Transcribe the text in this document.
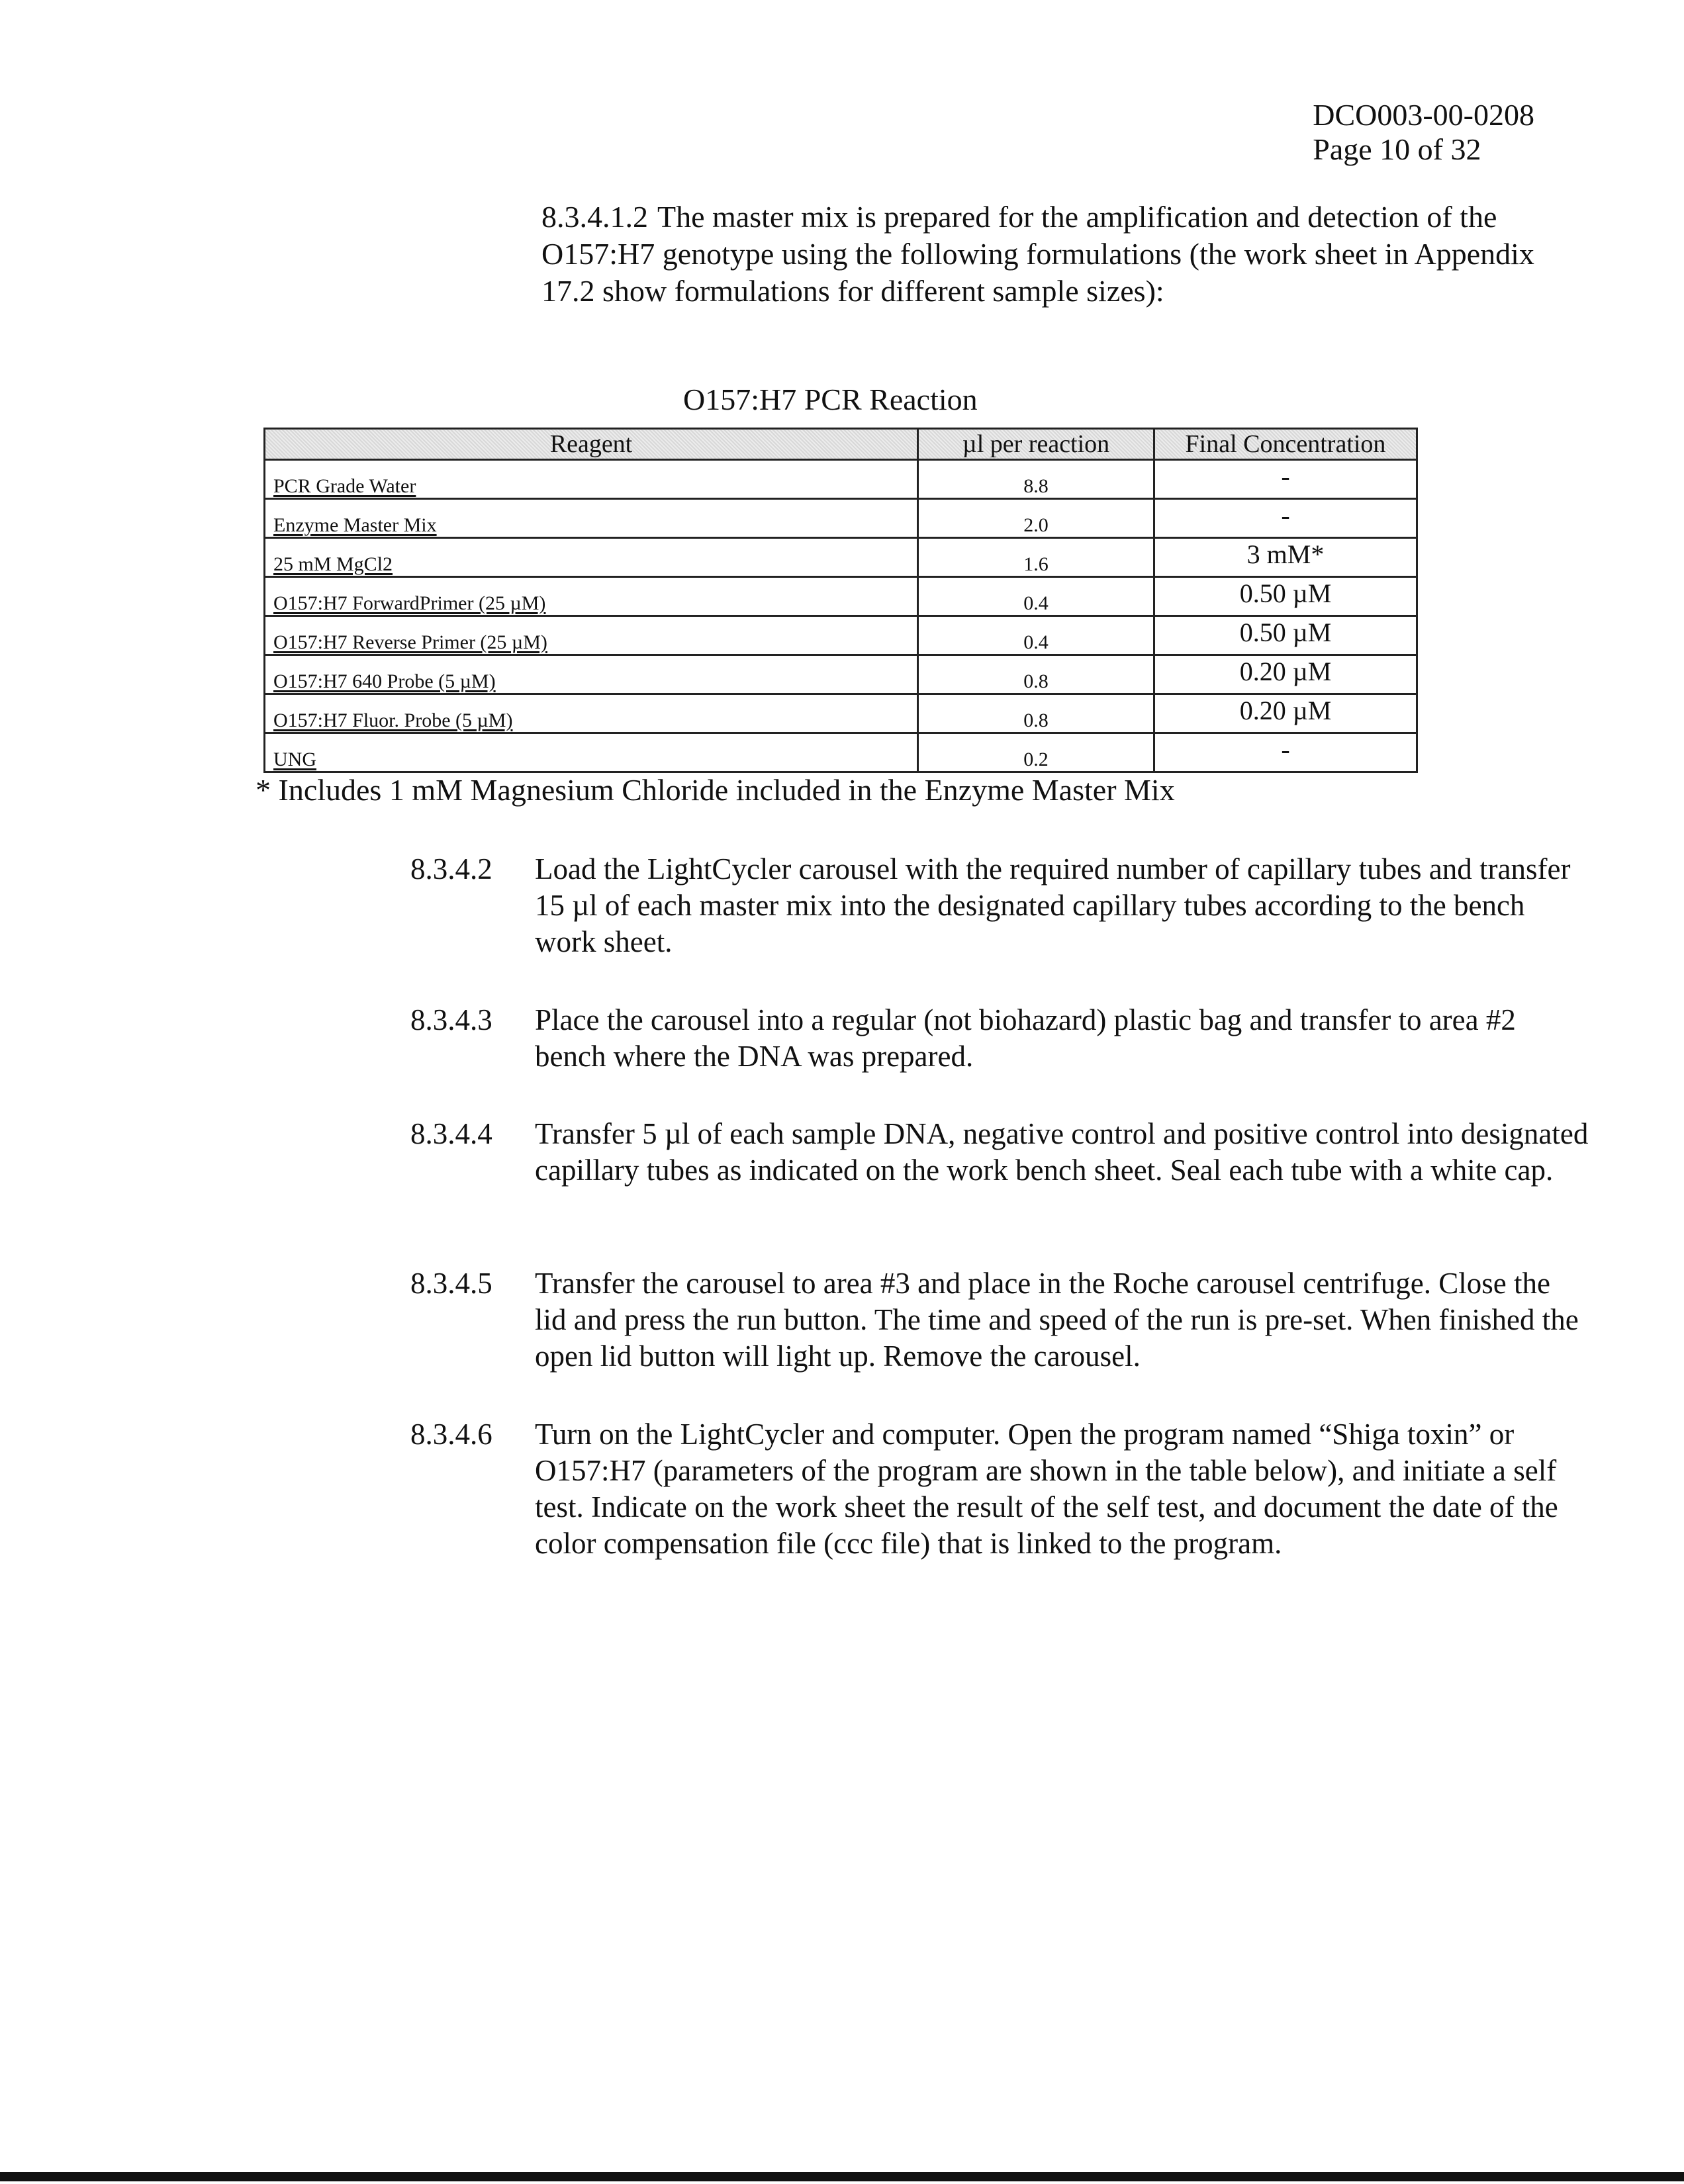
DCO003-00-0208
Page 10 of 32
8.3.4.1.2 The master mix is prepared for the amplification and detection of the O157:H7 genotype using the following formulations (the work sheet in Appendix 17.2 show formulations for different sample sizes):
O157:H7 PCR Reaction
Reagent	µl per reaction	Final Concentration
PCR Grade Water	8.8	-
Enzyme Master Mix	2.0	-
25 mM MgCl2	1.6	3 mM*
O157:H7 ForwardPrimer (25 µM)	0.4	0.50 µM
O157:H7 Reverse Primer (25 µM)	0.4	0.50 µM
O157:H7 640 Probe (5 µM)	0.8	0.20 µM
O157:H7 Fluor. Probe (5 µM)	0.8	0.20 µM
UNG	0.2	-
* Includes 1 mM Magnesium Chloride included in the Enzyme Master Mix
8.3.4.2 Load the LightCycler carousel with the required number of capillary tubes and transfer 15 µl of each master mix into the designated capillary tubes according to the bench work sheet.
8.3.4.3 Place the carousel into a regular (not biohazard) plastic bag and transfer to area #2 bench where the DNA was prepared.
8.3.4.4 Transfer 5 µl of each sample DNA, negative control and positive control into designated capillary tubes as indicated on the work bench sheet. Seal each tube with a white cap.
8.3.4.5 Transfer the carousel to area #3 and place in the Roche carousel centrifuge. Close the lid and press the run button. The time and speed of the run is pre-set. When finished the open lid button will light up. Remove the carousel.
8.3.4.6 Turn on the LightCycler and computer. Open the program named “Shiga toxin” or O157:H7 (parameters of the program are shown in the table below), and initiate a self test. Indicate on the work sheet the result of the self test, and document the date of the color compensation file (ccc file) that is linked to the program.
